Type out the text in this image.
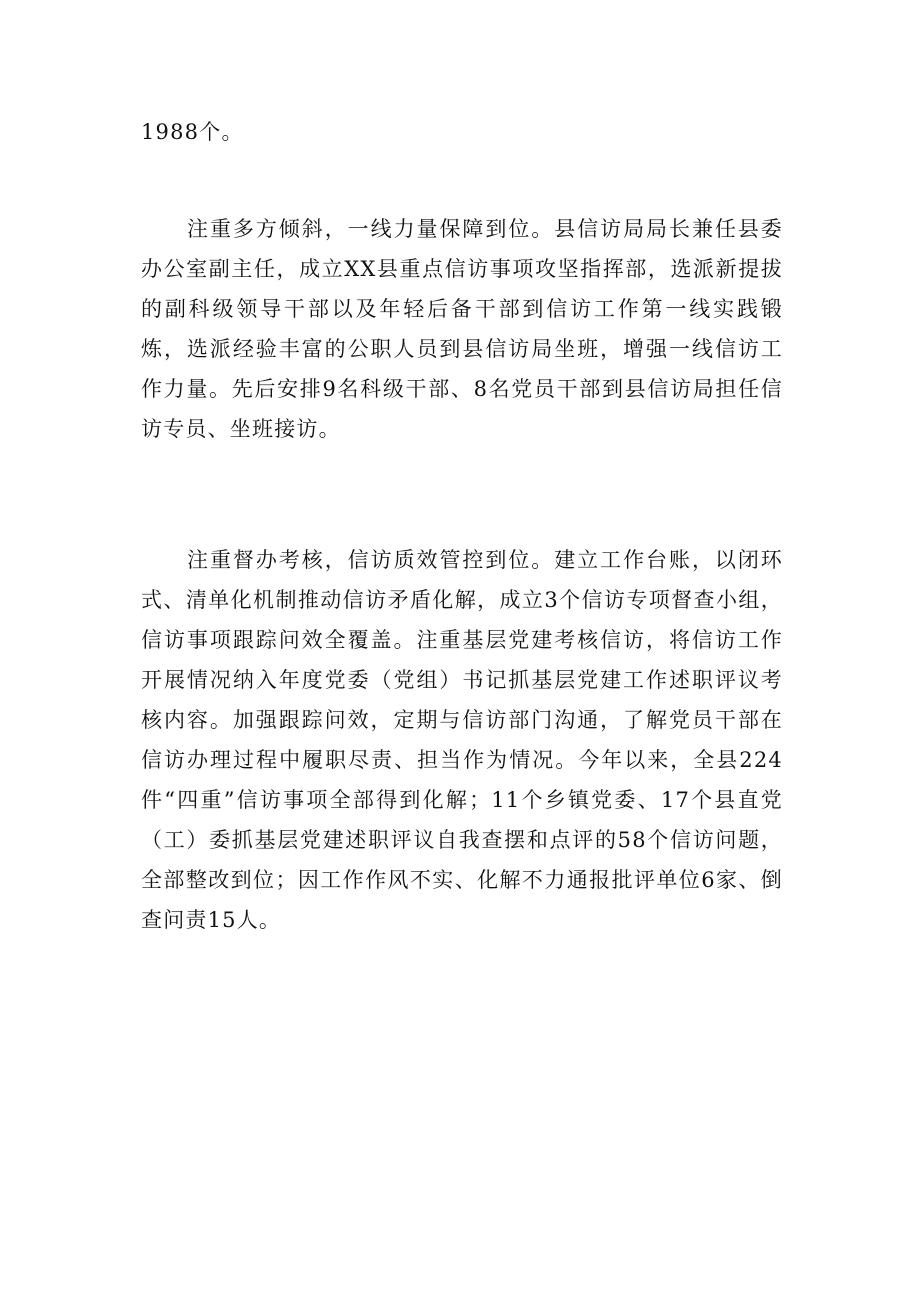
1988个。

注重多方倾斜，一线力量保障到位。县信访局局长兼任县委办公室副主任，成立XX县重点信访事项攻坚指挥部，选派新提拔的副科级领导干部以及年轻后备干部到信访工作第一线实践锻炼，选派经验丰富的公职人员到县信访局坐班，增强一线信访工作力量。先后安排9名科级干部、8名党员干部到县信访局担任信访专员、坐班接访。

注重督办考核，信访质效管控到位。建立工作台账，以闭环式、清单化机制推动信访矛盾化解，成立3个信访专项督查小组，信访事项跟踪问效全覆盖。注重基层党建考核信访，将信访工作开展情况纳入年度党委（党组）书记抓基层党建工作述职评议考核内容。加强跟踪问效，定期与信访部门沟通，了解党员干部在信访办理过程中履职尽责、担当作为情况。今年以来，全县224件“四重”信访事项全部得到化解；11个乡镇党委、17个县直党（工）委抓基层党建述职评议自我查摆和点评的58个信访问题，全部整改到位；因工作作风不实、化解不力通报批评单位6家、倒查问责15人。
